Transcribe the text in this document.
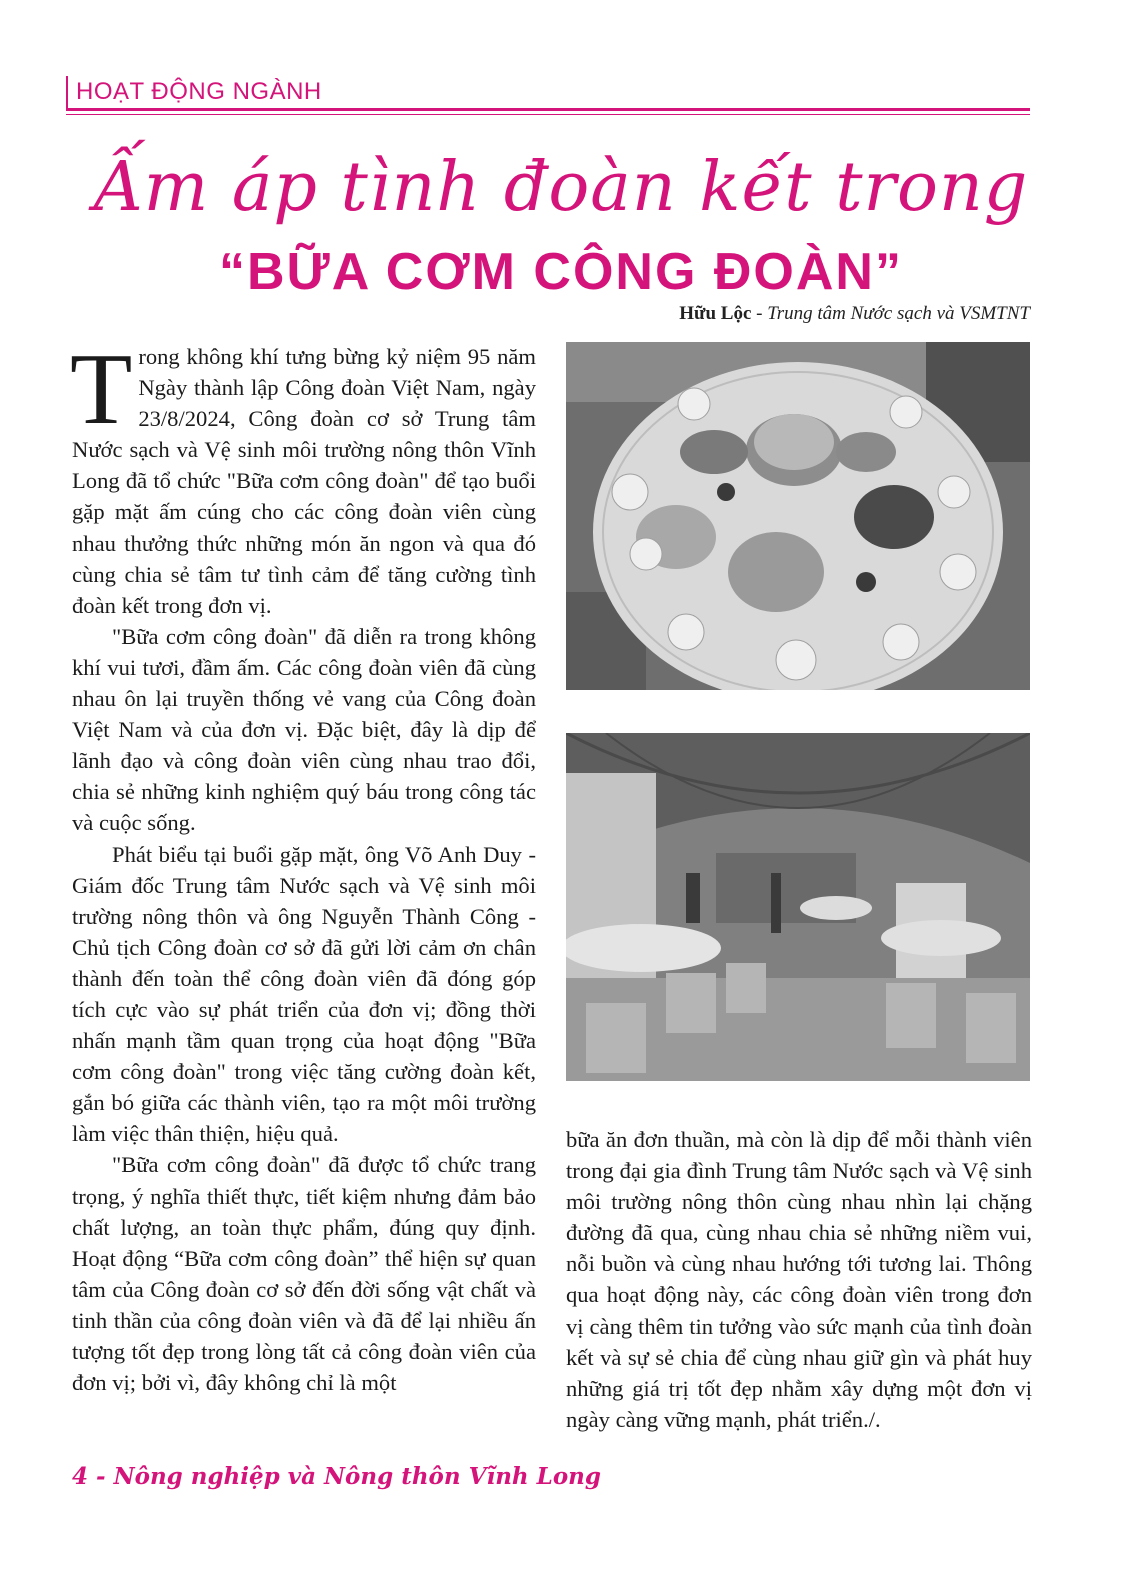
HOẠT ĐỘNG NGÀNH
Ấm áp tình đoàn kết trong
“BỮA CƠM CÔNG ĐOÀN”
Hữu Lộc - Trung tâm Nước sạch và VSMTNT

Trong không khí tưng bừng kỷ niệm 95 năm Ngày thành lập Công đoàn Việt Nam, ngày 23/8/2024, Công đoàn cơ sở Trung tâm Nước sạch và Vệ sinh môi trường nông thôn Vĩnh Long đã tổ chức "Bữa cơm công đoàn" để tạo buổi gặp mặt ấm cúng cho các công đoàn viên cùng nhau thưởng thức những món ăn ngon và qua đó cùng chia sẻ tâm tư tình cảm để tăng cường tình đoàn kết trong đơn vị.

"Bữa cơm công đoàn" đã diễn ra trong không khí vui tươi, đầm ấm. Các công đoàn viên đã cùng nhau ôn lại truyền thống vẻ vang của Công đoàn Việt Nam và của đơn vị. Đặc biệt, đây là dịp để lãnh đạo và công đoàn viên cùng nhau trao đổi, chia sẻ những kinh nghiệm quý báu trong công tác và cuộc sống.

Phát biểu tại buổi gặp mặt, ông Võ Anh Duy - Giám đốc Trung tâm Nước sạch và Vệ sinh môi trường nông thôn và ông Nguyễn Thành Công - Chủ tịch Công đoàn cơ sở đã gửi lời cảm ơn chân thành đến toàn thể công đoàn viên đã đóng góp tích cực vào sự phát triển của đơn vị; đồng thời nhấn mạnh tầm quan trọng của hoạt động "Bữa cơm công đoàn" trong việc tăng cường đoàn kết, gắn bó giữa các thành viên, tạo ra một môi trường làm việc thân thiện, hiệu quả.

"Bữa cơm công đoàn" đã được tổ chức trang trọng, ý nghĩa thiết thực, tiết kiệm nhưng đảm bảo chất lượng, an toàn thực phẩm, đúng quy định. Hoạt động “Bữa cơm công đoàn” thể hiện sự quan tâm của Công đoàn cơ sở đến đời sống vật chất và tinh thần của công đoàn viên và đã để lại nhiều ấn tượng tốt đẹp trong lòng tất cả công đoàn viên của đơn vị; bởi vì, đây không chỉ là một

bữa ăn đơn thuần, mà còn là dịp để mỗi thành viên trong đại gia đình Trung tâm Nước sạch và Vệ sinh môi trường nông thôn cùng nhau nhìn lại chặng đường đã qua, cùng nhau chia sẻ những niềm vui, nỗi buồn và cùng nhau hướng tới tương lai. Thông qua hoạt động này, các công đoàn viên trong đơn vị càng thêm tin tưởng vào sức mạnh của tình đoàn kết và sự sẻ chia để cùng nhau giữ gìn và phát huy những giá trị tốt đẹp nhằm xây dựng một đơn vị ngày càng vững mạnh, phát triển./.

4 - Nông nghiệp và Nông thôn Vĩnh Long
